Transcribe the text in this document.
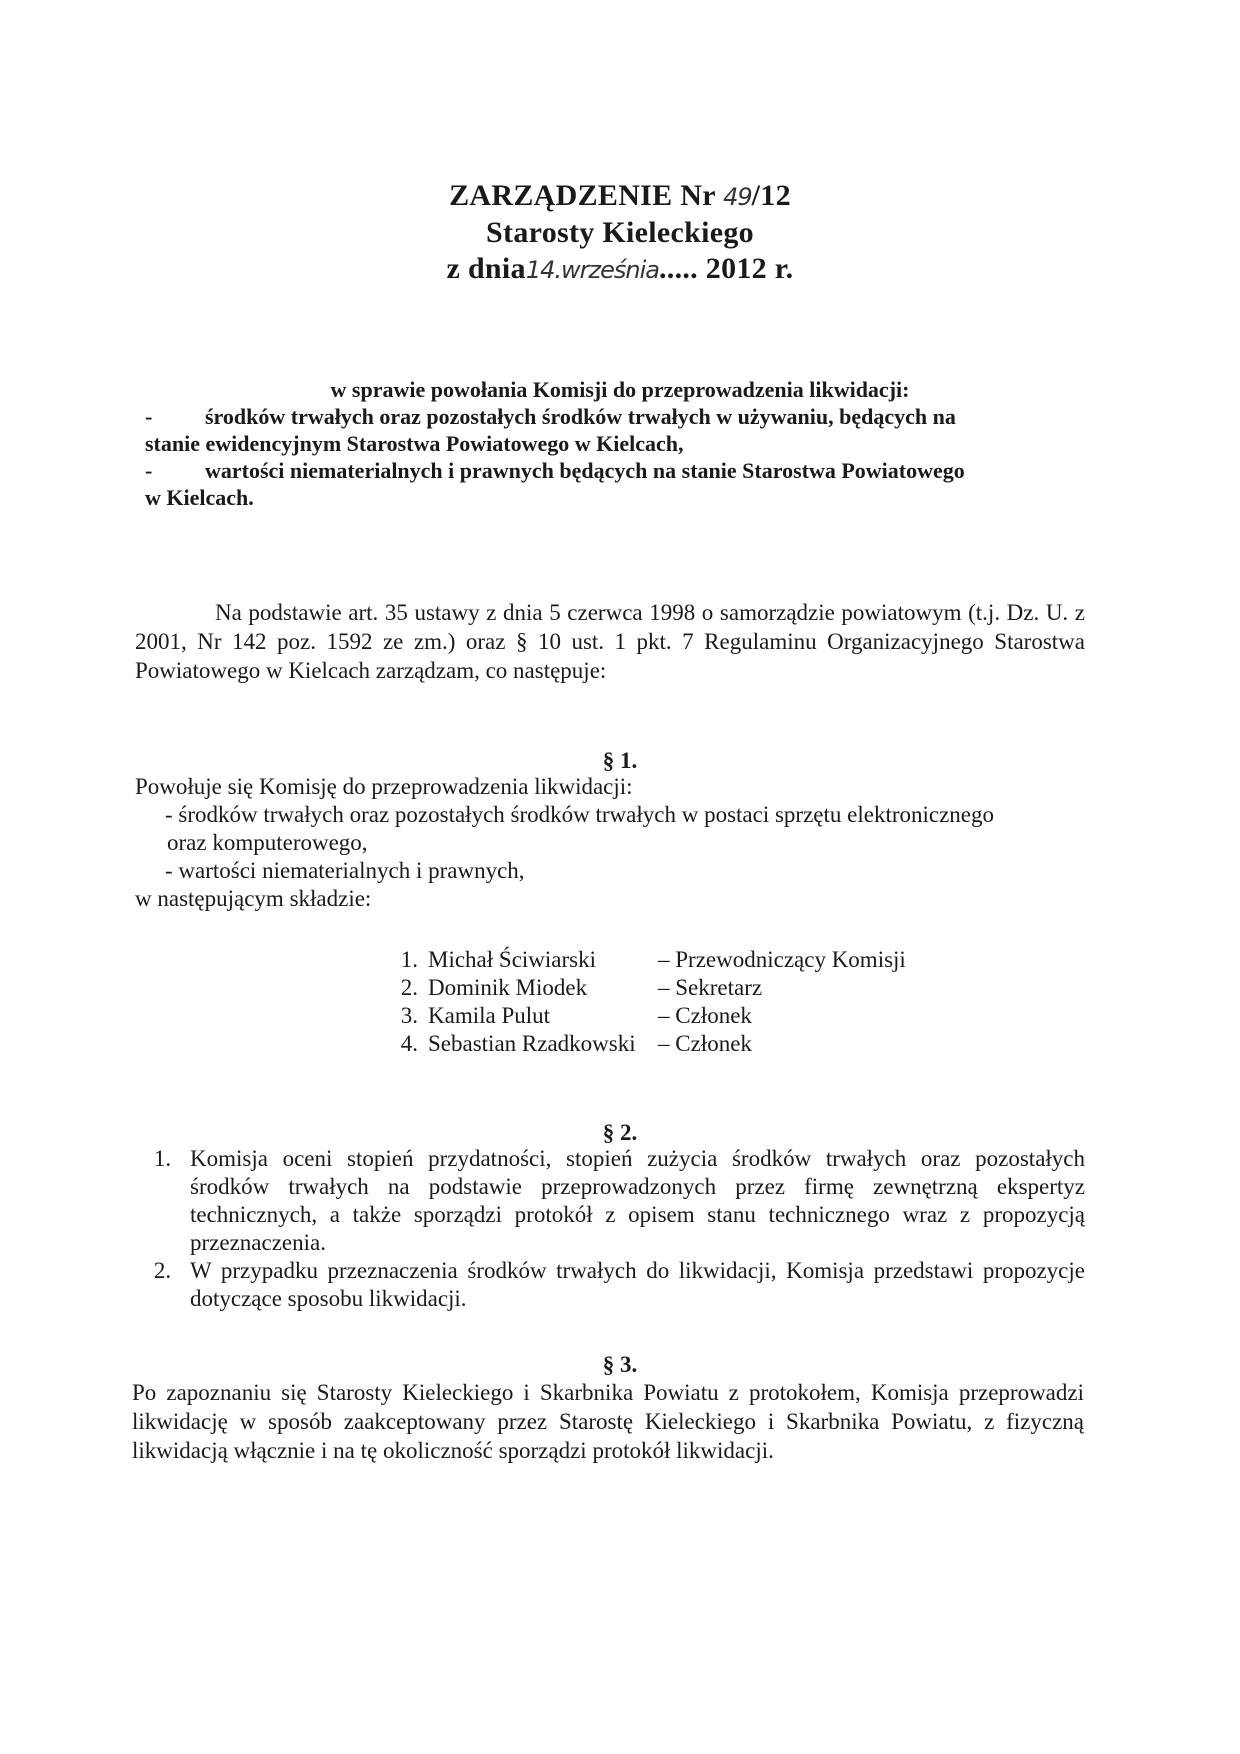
ZARZĄDZENIE Nr 49/12
Starosty Kieleckiego
z dnia14.września..... 2012 r.
w sprawie powołania Komisji do przeprowadzenia likwidacji:
-	środków trwałych oraz pozostałych środków trwałych w używaniu, będących na
stanie ewidencyjnym Starostwa Powiatowego w Kielcach,
-	wartości niematerialnych i prawnych będących na stanie Starostwa Powiatowego
w Kielcach.
Na podstawie art. 35 ustawy z dnia 5 czerwca 1998 o samorządzie powiatowym (t.j. Dz. U. z 2001, Nr 142 poz. 1592 ze zm.) oraz § 10 ust. 1 pkt. 7 Regulaminu Organizacyjnego Starostwa Powiatowego w Kielcach zarządzam, co następuje:
§ 1.
Powołuje się Komisję do przeprowadzenia likwidacji:
- środków trwałych oraz pozostałych środków trwałych w postaci sprzętu elektronicznego
oraz komputerowego,
- wartości niematerialnych i prawnych,
w następującym składzie:
1. Michał Ściwiarski	– Przewodniczący Komisji
2. Dominik Miodek	– Sekretarz
3. Kamila Pulut	– Członek
4. Sebastian Rzadkowski – Członek
§ 2.
1. Komisja oceni stopień przydatności, stopień zużycia środków trwałych oraz pozostałych środków trwałych na podstawie przeprowadzonych przez firmę zewnętrzną ekspertyz technicznych, a także sporządzi protokół z opisem stanu technicznego wraz z propozycją przeznaczenia.
2. W przypadku przeznaczenia środków trwałych do likwidacji, Komisja przedstawi propozycje dotyczące sposobu likwidacji.
§ 3.
Po zapoznaniu się Starosty Kieleckiego i Skarbnika Powiatu z protokołem, Komisja przeprowadzi likwidację w sposób zaakceptowany przez Starostę Kieleckiego i Skarbnika Powiatu, z fizyczną likwidacją włącznie i na tę okoliczność sporządzi protokół likwidacji.
